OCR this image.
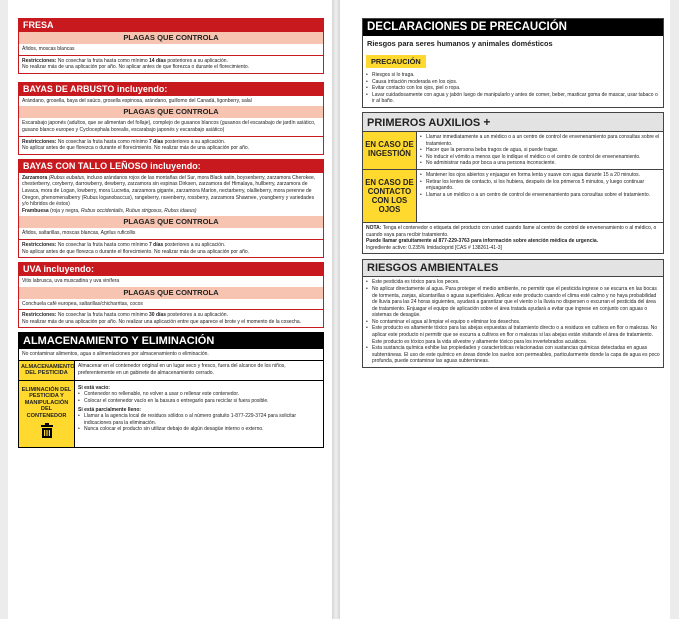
FRESA
PLAGAS QUE CONTROLA
Áfidos, moscas blancas
Restricciones: No cosechar la fruta hasta como mínimo 14 días posteriores a su aplicación.
No realizar más de una aplicación por año. No aplicar antes de que florezca o durante el florecimiento.
BAYAS DE ARBUSTO incluyendo:
Arándano, grosella, baya del saúco, grosella espinosa, arándano, guillomo del Canadá, ligonberry, salal
PLAGAS QUE CONTROLA
Escarabajo japonés (adultos, que se alimentan del follaje), complejo de gusanos blancos (gusanos del escarabajo de jardín asiático, gusano blanco europeo y Cyclocephala borealis, escarabajo japonés y escarabajo asiático)
Restricciones: No cosechar la fruta hasta como mínimo 7 días posteriores a su aplicación.
No aplicar antes de que florezca o durante el florecimiento. No realizar más de una aplicación por año.
BAYAS CON TALLO LEÑOSO incluyendo:
Zarzamora (Rubus eubatus, incluso arándanos rojos de las montañas del Sur, mora Black satin, boysenberry, zarzamora Cherokee, chesterberry, coryberry, darrowberry, dewberry, zarzamora sin espinas Dirksen, zarzamora del Himalaya, hullberry, zarzamora de Lavaca, mora de Logan, lowberry, mora Lucretia, zarzamora gigante, zarzamora Marion, nectarberry, olallieberry, mora perenne de Oregon, phenomenalberry (Rubus loganobaccus), rangeberry, ravenberry, rossberry, zarzamora Shawnee, youngberry y variedades y/o híbridos de éstos)
Frambuesa (roja y negra, Rubus occidentalis, Rubus strigosus, Rubus idaeus)
PLAGAS QUE CONTROLA
Áfidos, saltarillas, moscas blancas, Agrilus ruficollis
Restricciones: No cosechar la fruta hasta como mínimo 7 días posteriores a su aplicación.
No aplicar antes de que florezca o durante el florecimiento. No realizar más de una aplicación por año.
UVA incluyendo:
Vitis labrusca, uva muscadina y uva vinífera
PLAGAS QUE CONTROLA
Conchuela café europea, saltarillas/chicharritas, cocos
Restricciones: No cosechar la fruta hasta como mínimo 30 días posteriores a su aplicación.
No realizar más de una aplicación por año. No realizar una aplicación entre que aparece el brote y el momento de la cosecha.
ALMACENAMIENTO Y ELIMINACIÓN
No contaminar alimentos, agua o alimentaciones por almacenamiento o eliminación.
ALMACENAMIENTO DEL PESTICIDA
Almacenar en el contenedor original en un lugar seco y fresco, fuera del alcance de los niños, preferentemente en un gabinete de almacenamiento cerrado.
ELIMINACIÓN DEL PESTICIDA Y MANIPULACIÓN DEL CONTENEDOR
Si está vacío:
• Contenedor no rellenable, no volver a usar o rellenar este contenedor.
• Colocar el contenedor vacío en la basura o entregarlo para reciclar si fuera posible.
Si está parcialmente lleno:
• Llamar a la agencia local de residuos sólidos o al número gratuito 1-877-229-3724 para solicitar indicaciones para la eliminación.
• Nunca colocar el producto sin utilizar debajo de algún desagüe interno o externo.
DECLARACIONES DE PRECAUCIÓN
Riesgos para seres humanos y animales domésticos
PRECAUCIÓN
• Riesgos si lo traga.
• Causa irritación moderada en los ojos.
• Evitar contacto con los ojos, piel o ropa.
• Lavar cuidadosamente con agua y jabón luego de manipularlo y antes de comer, beber, masticar goma de mascar, usar tabaco o ir al baño.
PRIMEROS AUXILIOS +
EN CASO DE INGESTIÓN
• Llamar inmediatamente a un médico o a un centro de control de envenenamiento para consultas sobre el tratamiento.
• Hacer que la persona beba tragos de agua, si puede tragar.
• No inducir el vómito a menos que lo indique el médico o el centro de control de envenenamiento.
• No administrar nada por boca a una persona inconsciente.
EN CASO DE CONTACTO CON LOS OJOS
• Mantener los ojos abiertos y enjuagar en forma lenta y suave con agua durante 15 a 20 minutos.
• Retirar los lentes de contacto, si los hubiera, después de los primeros 5 minutos, y luego continuar enjuagando.
• Llamar a un médico o a un centro de control de envenenamiento para consultas sobre el tratamiento.
NOTA: Tenga el contenedor o etiqueta del producto con usted cuando llame al centro de control de envenenamiento o al médico, o cuando vaya para recibir tratamiento.
Puede llamar gratuitamente al 877-229-3763 para información sobre atención médica de urgencia.
Ingrediente activo: 0.235% Imidacloprid [CAS # 138261-41-3]
RIESGOS AMBIENTALES
• Este pesticida es tóxico para los peces.
• No aplicar directamente al agua. Para proteger el medio ambiente, no permitir que el pesticida ingrese o se escurra en las bocas de tormenta, zanjas, alcantarillas o aguas superficiales. Aplicar este producto cuando el clima esté calmo y no haya probabilidad de lluvia para las 24 horas siguientes, ayudará a garantizar que el viento o la lluvia no dispersen o escurran el pesticida del área de tratamiento. Enjuagar el equipo de aplicación sobre el área tratada ayudará a evitar que ingrese en conjunto con aguas o sistemas de desagüe.
• No contaminar el agua al limpiar el equipo o eliminar los desechos.
• Este producto es altamente tóxico para las abejas expuestas al tratamiento directo o a residuos en cultivos en flor o malezas. No aplicar este producto ni permitir que se escurra a cultivos en flor o malezas si las abejas están visitando el área de tratamiento. Este producto es tóxico para la vida silvestre y altamente tóxico para los invertebrados acuáticos.
• Esta sustancia química exhibe las propiedades y características relacionadas con sustancias químicas detectadas en aguas subterráneas. El uso de este químico en áreas donde los suelos son permeables, particularmente donde la capa de agua es poco profunda, puede contaminar las aguas subterráneas.
